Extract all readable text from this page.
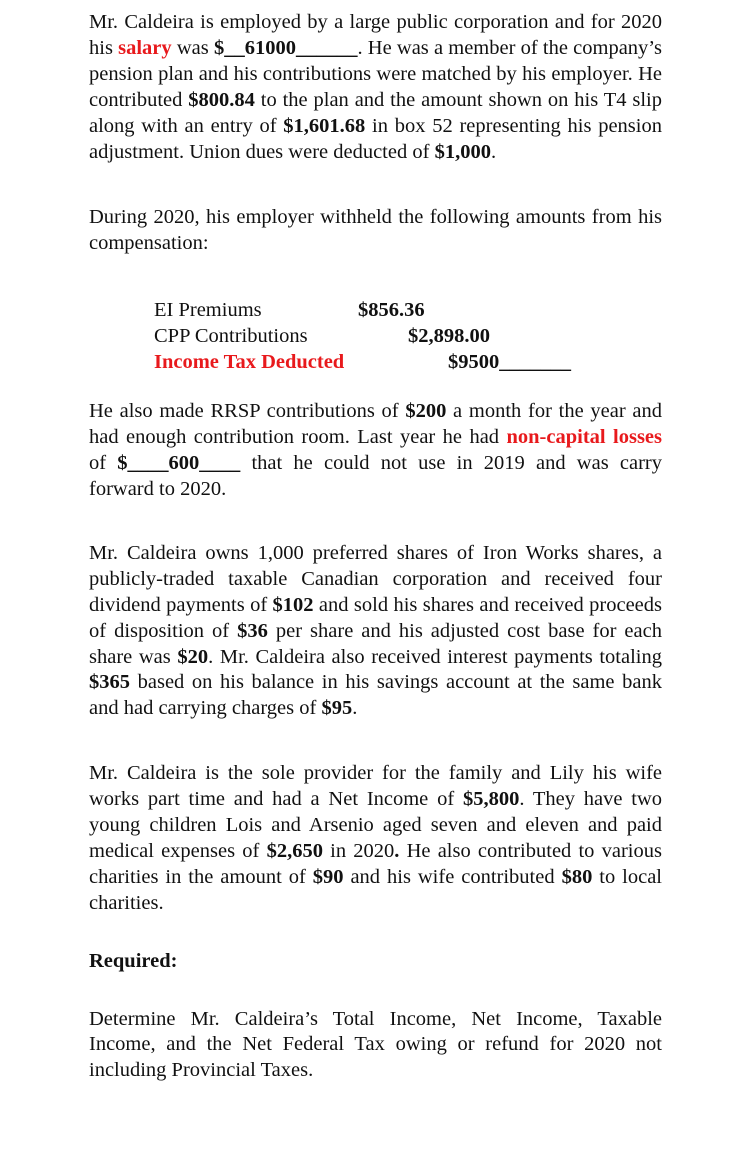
Mr. Caldeira is employed by a large public corporation and for 2020 his salary was $__61000______. He was a member of the company’s pension plan and his contributions were matched by his employer. He contributed $800.84 to the plan and the amount shown on his T4 slip along with an entry of $1,601.68 in box 52 representing his pension adjustment. Union dues were deducted of $1,000.

During 2020, his employer withheld the following amounts from his compensation:

EI Premiums	$856.36
CPP Contributions	$2,898.00
Income Tax Deducted	$9500_______

He also made RRSP contributions of $200 a month for the year and had enough contribution room. Last year he had non-capital losses of $____600____ that he could not use in 2019 and was carry forward to 2020.

Mr. Caldeira owns 1,000 preferred shares of Iron Works shares, a publicly-traded taxable Canadian corporation and received four dividend payments of $102 and sold his shares and received proceeds of disposition of $36 per share and his adjusted cost base for each share was $20. Mr. Caldeira also received interest payments totaling $365 based on his balance in his savings account at the same bank and had carrying charges of $95.

Mr. Caldeira is the sole provider for the family and Lily his wife works part time and had a Net Income of $5,800. They have two young children Lois and Arsenio aged seven and eleven and paid medical expenses of $2,650 in 2020. He also contributed to various charities in the amount of $90 and his wife contributed $80 to local charities.

Required:

Determine Mr. Caldeira’s Total Income, Net Income, Taxable Income, and the Net Federal Tax owing or refund for 2020 not including Provincial Taxes.
